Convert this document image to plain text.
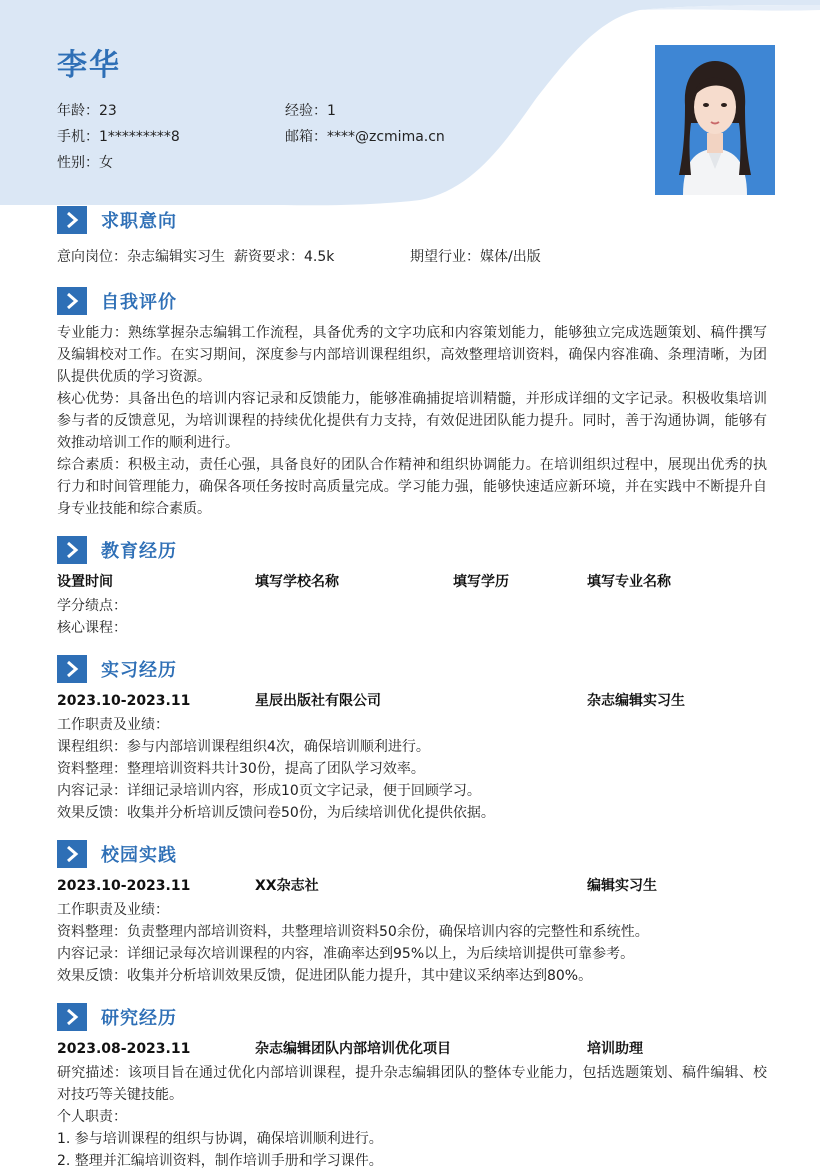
李华
年龄：23	经验：1
手机：1*********8	邮箱：****@zcmima.cn
性别：女
求职意向
意向岗位：杂志编辑实习生 薪资要求：4.5k	期望行业：媒体/出版
自我评价
专业能力：熟练掌握杂志编辑工作流程，具备优秀的文字功底和内容策划能力，能够独立完成选题策划、稿件撰写及编辑校对工作。在实习期间，深度参与内部培训课程组织，高效整理培训资料，确保内容准确、条理清晰，为团队提供优质的学习资源。
核心优势：具备出色的培训内容记录和反馈能力，能够准确捕捉培训精髓，并形成详细的文字记录。积极收集培训参与者的反馈意见，为培训课程的持续优化提供有力支持，有效促进团队能力提升。同时，善于沟通协调，能够有效推动培训工作的顺利进行。
综合素质：积极主动，责任心强，具备良好的团队合作精神和组织协调能力。在培训组织过程中，展现出优秀的执行力和时间管理能力，确保各项任务按时高质量完成。学习能力强，能够快速适应新环境，并在实践中不断提升自身专业技能和综合素质。
教育经历
设置时间	填写学校名称	填写学历	填写专业名称
学分绩点：
核心课程：
实习经历
2023.10-2023.11	星辰出版社有限公司	杂志编辑实习生
工作职责及业绩：
课程组织：参与内部培训课程组织4次，确保培训顺利进行。
资料整理：整理培训资料共计30份，提高了团队学习效率。
内容记录：详细记录培训内容，形成10页文字记录，便于回顾学习。
效果反馈：收集并分析培训反馈问卷50份，为后续培训优化提供依据。
校园实践
2023.10-2023.11	XX杂志社	编辑实习生
工作职责及业绩：
资料整理：负责整理内部培训资料，共整理培训资料50余份，确保培训内容的完整性和系统性。
内容记录：详细记录每次培训课程的内容，准确率达到95%以上，为后续培训提供可靠参考。
效果反馈：收集并分析培训效果反馈，促进团队能力提升，其中建议采纳率达到80%。
研究经历
2023.08-2023.11	杂志编辑团队内部培训优化项目	培训助理
研究描述：该项目旨在通过优化内部培训课程，提升杂志编辑团队的整体专业能力，包括选题策划、稿件编辑、校对技巧等关键技能。
个人职责：
1. 参与培训课程的组织与协调，确保培训顺利进行。
2. 整理并汇编培训资料，制作培训手册和学习课件。
